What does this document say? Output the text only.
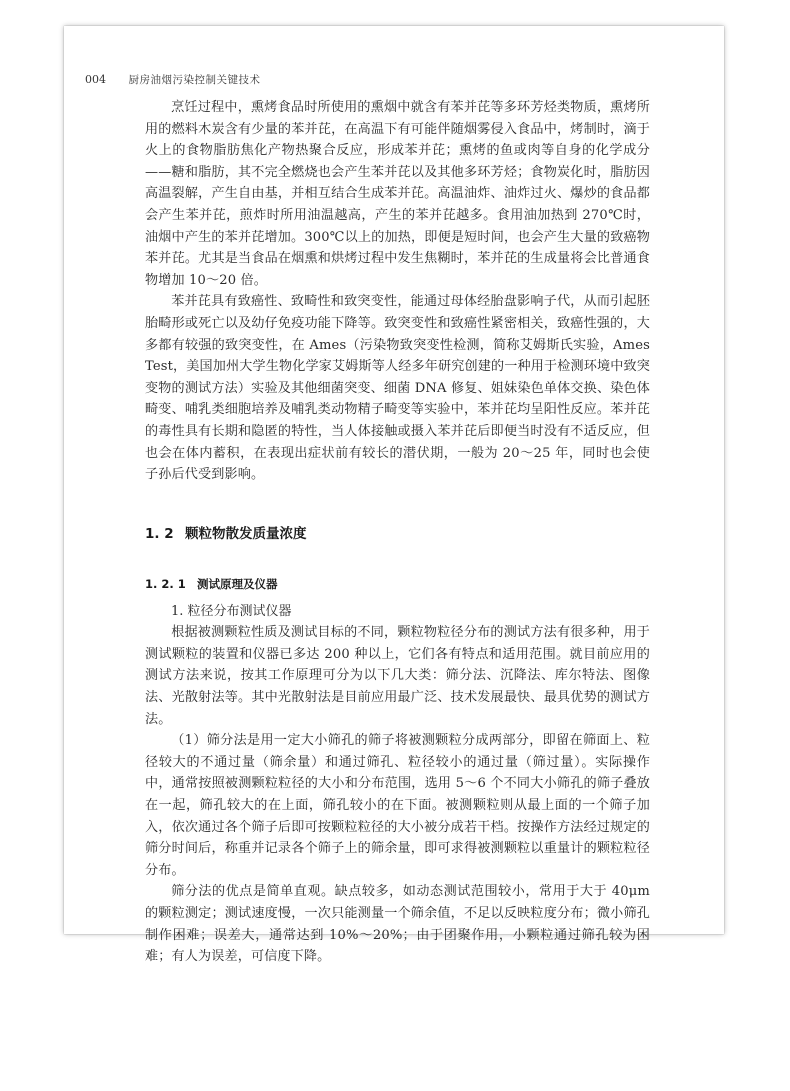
004 厨房油烟污染控制关键技术

烹饪过程中，熏烤食品时所使用的熏烟中就含有苯并芘等多环芳烃类物质，熏烤所用的燃料木炭含有少量的苯并芘，在高温下有可能伴随烟雾侵入食品中，烤制时，滴于火上的食物脂肪焦化产物热聚合反应，形成苯并芘；熏烤的鱼或肉等自身的化学成分——糖和脂肪，其不完全燃烧也会产生苯并芘以及其他多环芳烃；食物炭化时，脂肪因高温裂解，产生自由基，并相互结合生成苯并芘。高温油炸、油炸过火、爆炒的食品都会产生苯并芘，煎炸时所用油温越高，产生的苯并芘越多。食用油加热到 270℃时，油烟中产生的苯并芘增加。300℃以上的加热，即便是短时间，也会产生大量的致癌物苯并芘。尤其是当食品在烟熏和烘烤过程中发生焦糊时，苯并芘的生成量将会比普通食物增加 10～20 倍。

苯并芘具有致癌性、致畸性和致突变性，能通过母体经胎盘影响子代，从而引起胚胎畸形或死亡以及幼仔免疫功能下降等。致突变性和致癌性紧密相关，致癌性强的，大多都有较强的致突变性，在 Ames（污染物致突变性检测，简称艾姆斯氏实验，Ames Test，美国加州大学生物化学家艾姆斯等人经多年研究创建的一种用于检测环境中致突变物的测试方法）实验及其他细菌突变、细菌 DNA 修复、姐妹染色单体交换、染色体畸变、哺乳类细胞培养及哺乳类动物精子畸变等实验中，苯并芘均呈阳性反应。苯并芘的毒性具有长期和隐匿的特性，当人体接触或摄入苯并芘后即便当时没有不适反应，但也会在体内蓄积，在表现出症状前有较长的潜伏期，一般为 20～25 年，同时也会使子孙后代受到影响。

1. 2 颗粒物散发质量浓度
1. 2. 1 测试原理及仪器

1. 粒径分布测试仪器

根据被测颗粒性质及测试目标的不同，颗粒物粒径分布的测试方法有很多种，用于测试颗粒的装置和仪器已多达 200 种以上，它们各有特点和适用范围。就目前应用的测试方法来说，按其工作原理可分为以下几大类：筛分法、沉降法、库尔特法、图像法、光散射法等。其中光散射法是目前应用最广泛、技术发展最快、最具优势的测试方法。

（1）筛分法是用一定大小筛孔的筛子将被测颗粒分成两部分，即留在筛面上、粒径较大的不通过量（筛余量）和通过筛孔、粒径较小的通过量（筛过量）。实际操作中，通常按照被测颗粒粒径的大小和分布范围，选用 5～6 个不同大小筛孔的筛子叠放在一起，筛孔较大的在上面，筛孔较小的在下面。被测颗粒则从最上面的一个筛子加入，依次通过各个筛子后即可按颗粒粒径的大小被分成若干档。按操作方法经过规定的筛分时间后，称重并记录各个筛子上的筛余量，即可求得被测颗粒以重量计的颗粒粒径分布。

筛分法的优点是简单直观。缺点较多，如动态测试范围较小，常用于大于 40μm 的颗粒测定；测试速度慢，一次只能测量一个筛余值，不足以反映粒度分布；微小筛孔制作困难；误差大，通常达到 10%～20%；由于团聚作用，小颗粒通过筛孔较为困难；有人为误差，可信度下降。
